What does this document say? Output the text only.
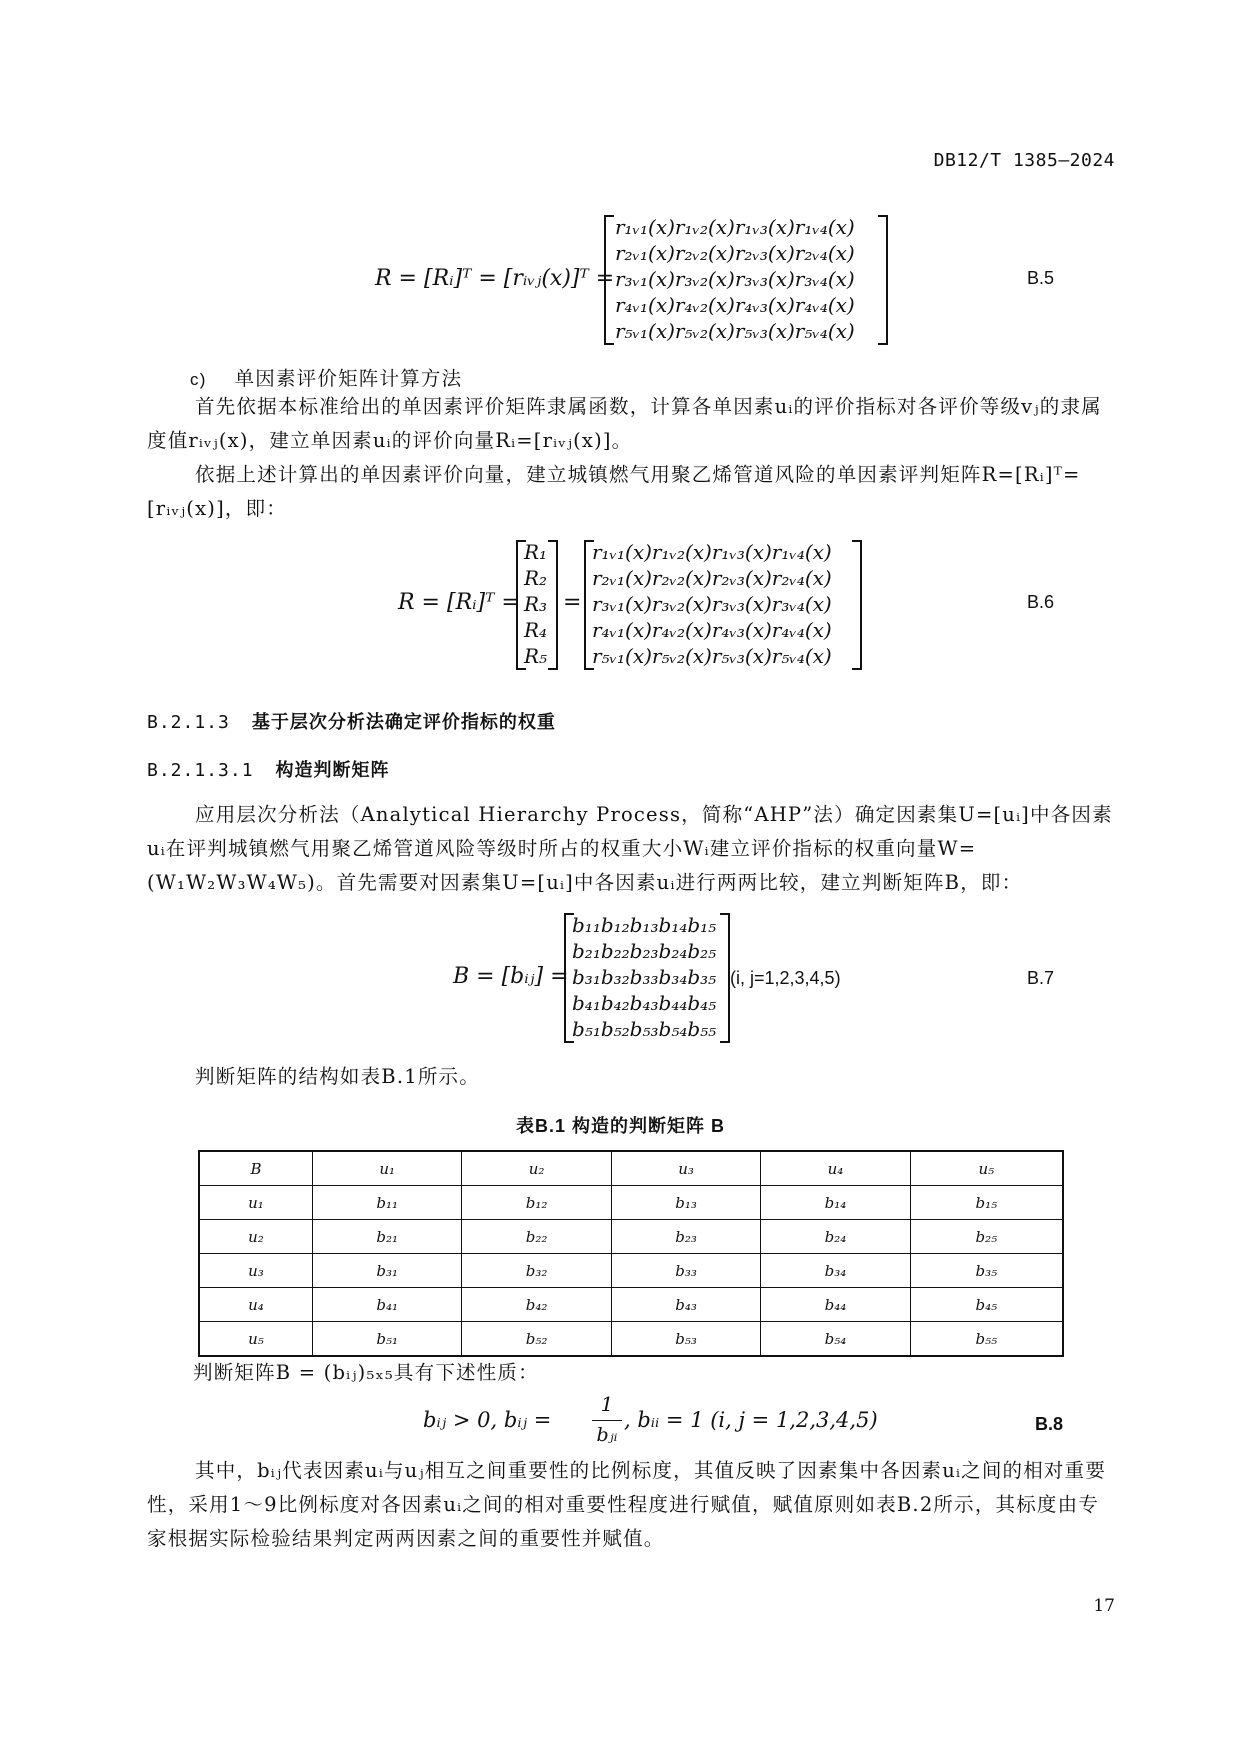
DB12/T 1385—2024
R = [Rᵢ]ᵀ = [rᵢᵥⱼ(x)]ᵀ =
r₁ᵥ₁(x)r₁ᵥ₂(x)r₁ᵥ₃(x)r₁ᵥ₄(x)
r₂ᵥ₁(x)r₂ᵥ₂(x)r₂ᵥ₃(x)r₂ᵥ₄(x)
r₃ᵥ₁(x)r₃ᵥ₂(x)r₃ᵥ₃(x)r₃ᵥ₄(x)
r₄ᵥ₁(x)r₄ᵥ₂(x)r₄ᵥ₃(x)r₄ᵥ₄(x)
r₅ᵥ₁(x)r₅ᵥ₂(x)r₅ᵥ₃(x)r₅ᵥ₄(x)
B.5
c) 单因素评价矩阵计算方法
首先依据本标准给出的单因素评价矩阵隶属函数，计算各单因素uᵢ的评价指标对各评价等级vⱼ的隶属度值rᵢᵥⱼ(x)，建立单因素uᵢ的评价向量Rᵢ=[rᵢᵥⱼ(x)]。
依据上述计算出的单因素评价向量，建立城镇燃气用聚乙烯管道风险的单因素评判矩阵R=[Rᵢ]ᵀ=[rᵢᵥⱼ(x)]，即：
R = [Rᵢ]ᵀ =
R₁
R₂
R₃
R₄
R₅
=
r₁ᵥ₁(x)r₁ᵥ₂(x)r₁ᵥ₃(x)r₁ᵥ₄(x)
r₂ᵥ₁(x)r₂ᵥ₂(x)r₂ᵥ₃(x)r₂ᵥ₄(x)
r₃ᵥ₁(x)r₃ᵥ₂(x)r₃ᵥ₃(x)r₃ᵥ₄(x)
r₄ᵥ₁(x)r₄ᵥ₂(x)r₄ᵥ₃(x)r₄ᵥ₄(x)
r₅ᵥ₁(x)r₅ᵥ₂(x)r₅ᵥ₃(x)r₅ᵥ₄(x)
B.6
B.2.1.3 基于层次分析法确定评价指标的权重
B.2.1.3.1 构造判断矩阵
应用层次分析法（Analytical Hierarchy Process，简称“AHP”法）确定因素集U=[uᵢ]中各因素uᵢ在评判城镇燃气用聚乙烯管道风险等级时所占的权重大小Wᵢ建立评价指标的权重向量W=(W₁W₂W₃W₄W₅)。首先需要对因素集U=[uᵢ]中各因素uᵢ进行两两比较，建立判断矩阵B，即：
B = [bᵢⱼ] =
b₁₁b₁₂b₁₃b₁₄b₁₅
b₂₁b₂₂b₂₃b₂₄b₂₅
b₃₁b₃₂b₃₃b₃₄b₃₅
b₄₁b₄₂b₄₃b₄₄b₄₅
b₅₁b₅₂b₅₃b₅₄b₅₅
(i, j=1,2,3,4,5)	B.7
判断矩阵的结构如表B.1所示。
表B.1 构造的判断矩阵 B
B	u₁	u₂	u₃	u₄	u₅
u₁	b₁₁	b₁₂	b₁₃	b₁₄	b₁₅
u₂	b₂₁	b₂₂	b₂₃	b₂₄	b₂₅
u₃	b₃₁	b₃₂	b₃₃	b₃₄	b₃₅
u₄	b₄₁	b₄₂	b₄₃	b₄₄	b₄₅
u₅	b₅₁	b₅₂	b₅₃	b₅₄	b₅₅
判断矩阵B = (bᵢⱼ)₅ₓ₅具有下述性质：
bᵢⱼ > 0, bᵢⱼ =
1
bⱼᵢ
, bᵢᵢ = 1 (i, j = 1,2,3,4,5)	B.8
其中，bᵢⱼ代表因素uᵢ与uⱼ相互之间重要性的比例标度，其值反映了因素集中各因素uᵢ之间的相对重要性，采用1～9比例标度对各因素uᵢ之间的相对重要性程度进行赋值，赋值原则如表B.2所示，其标度由专家根据实际检验结果判定两两因素之间的重要性并赋值。
17
